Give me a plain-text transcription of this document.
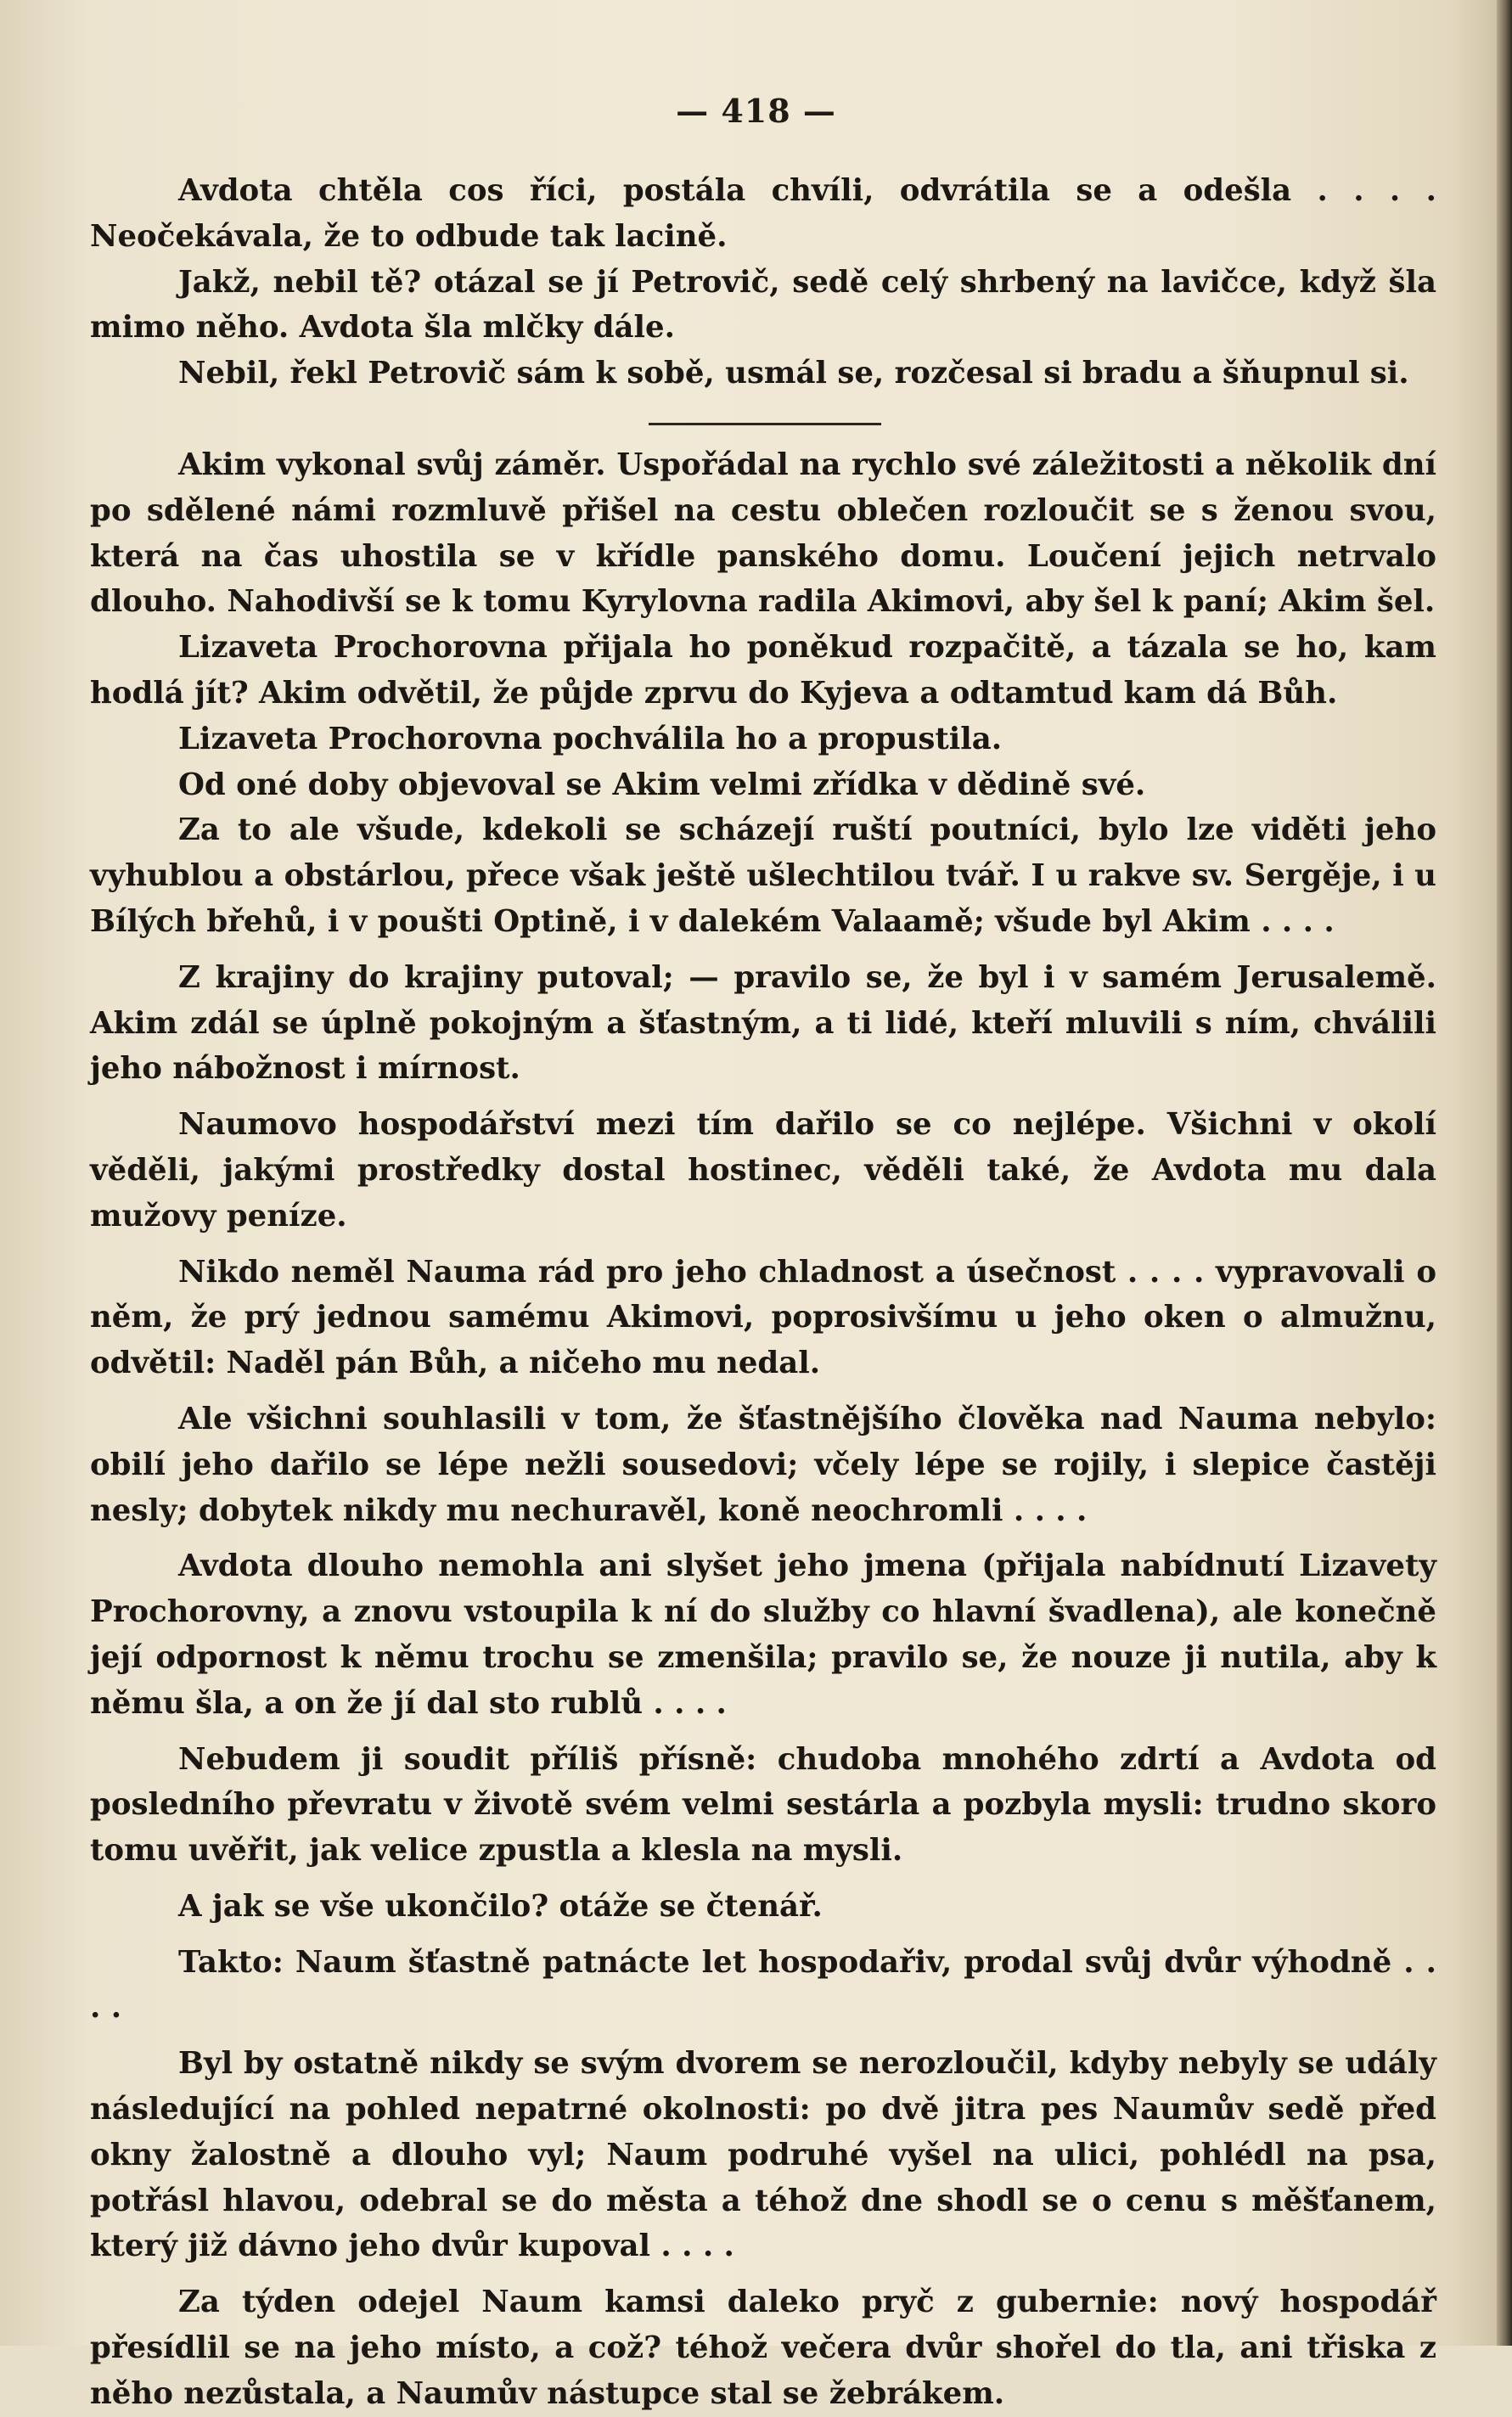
— 418 —

Avdota chtěla cos říci, postála chvíli, odvrátila se a odešla . . . . Neočekávala, že to odbude tak lacině.

Jakž, nebil tě? otázal se jí Petrovič, sedě celý shrbený na lavičce, když šla mimo něho. Avdota šla mlčky dále.

Nebil, řekl Petrovič sám k sobě, usmál se, rozčesal si bradu a šňupnul si.

Akim vykonal svůj záměr. Uspořádal na rychlo své záležitosti a několik dní po sdělené námi rozmluvě přišel na cestu oblečen rozloučit se s ženou svou, která na čas uhostila se v křídle panského domu. Loučení jejich netrvalo dlouho. Nahodivší se k tomu Kyrylovna radila Akimovi, aby šel k paní; Akim šel.

Lizaveta Prochorovna přijala ho poněkud rozpačitě, a tázala se ho, kam hodlá jít? Akim odvětil, že půjde zprvu do Kyjeva a odtamtud kam dá Bůh.

Lizaveta Prochorovna pochválila ho a propustila.

Od oné doby objevoval se Akim velmi zřídka v dědině své.

Za to ale všude, kdekoli se scházejí ruští poutníci, bylo lze viděti jeho vyhublou a obstárlou, přece však ještě ušlechtilou tvář. I u rakve sv. Sergěje, i u Bílých břehů, i v poušti Optině, i v dalekém Valaamě; všude byl Akim . . . .

Z krajiny do krajiny putoval; — pravilo se, že byl i v samém Jerusalemě. Akim zdál se úplně pokojným a šťastným, a ti lidé, kteří mluvili s ním, chválili jeho nábožnost i mírnost.

Naumovo hospodářství mezi tím dařilo se co nejlépe. Všichni v okolí věděli, jakými prostředky dostal hostinec, věděli také, že Avdota mu dala mužovy peníze.

Nikdo neměl Nauma rád pro jeho chladnost a úsečnost . . . . vypravovali o něm, že prý jednou samému Akimovi, poprosivšímu u jeho oken o almužnu, odvětil: Naděl pán Bůh, a ničeho mu nedal.

Ale všichni souhlasili v tom, že šťastnějšího člověka nad Nauma nebylo: obilí jeho dařilo se lépe nežli sousedovi; včely lépe se rojily, i slepice častěji nesly; dobytek nikdy mu nechuravěl, koně neochromli . . . .

Avdota dlouho nemohla ani slyšet jeho jmena (přijala nabídnutí Lizavety Prochorovny, a znovu vstoupila k ní do služby co hlavní švadlena), ale konečně její odpornost k němu trochu se zmenšila; pravilo se, že nouze ji nutila, aby k němu šla, a on že jí dal sto rublů . . . .

Nebudem ji soudit příliš přísně: chudoba mnohého zdrtí a Avdota od posledního převratu v životě svém velmi sestárla a pozbyla mysli: trudno skoro tomu uvěřit, jak velice zpustla a klesla na mysli.

A jak se vše ukončilo? otáže se čtenář.

Takto: Naum šťastně patnácte let hospodařiv, prodal svůj dvůr výhodně . . . .

Byl by ostatně nikdy se svým dvorem se nerozloučil, kdyby nebyly se udály následující na pohled nepatrné okolnosti: po dvě jitra pes Naumův sedě před okny žalostně a dlouho vyl; Naum podruhé vyšel na ulici, pohlédl na psa, potřásl hlavou, odebral se do města a téhož dne shodl se o cenu s měšťanem, který již dávno jeho dvůr kupoval . . . .

Za týden odejel Naum kamsi daleko pryč z gubernie: nový hospodář přesídlil se na jeho místo, a což? téhož večera dvůr shořel do tla, ani třiska z něho nezůstala, a Naumův nástupce stal se žebrákem.
